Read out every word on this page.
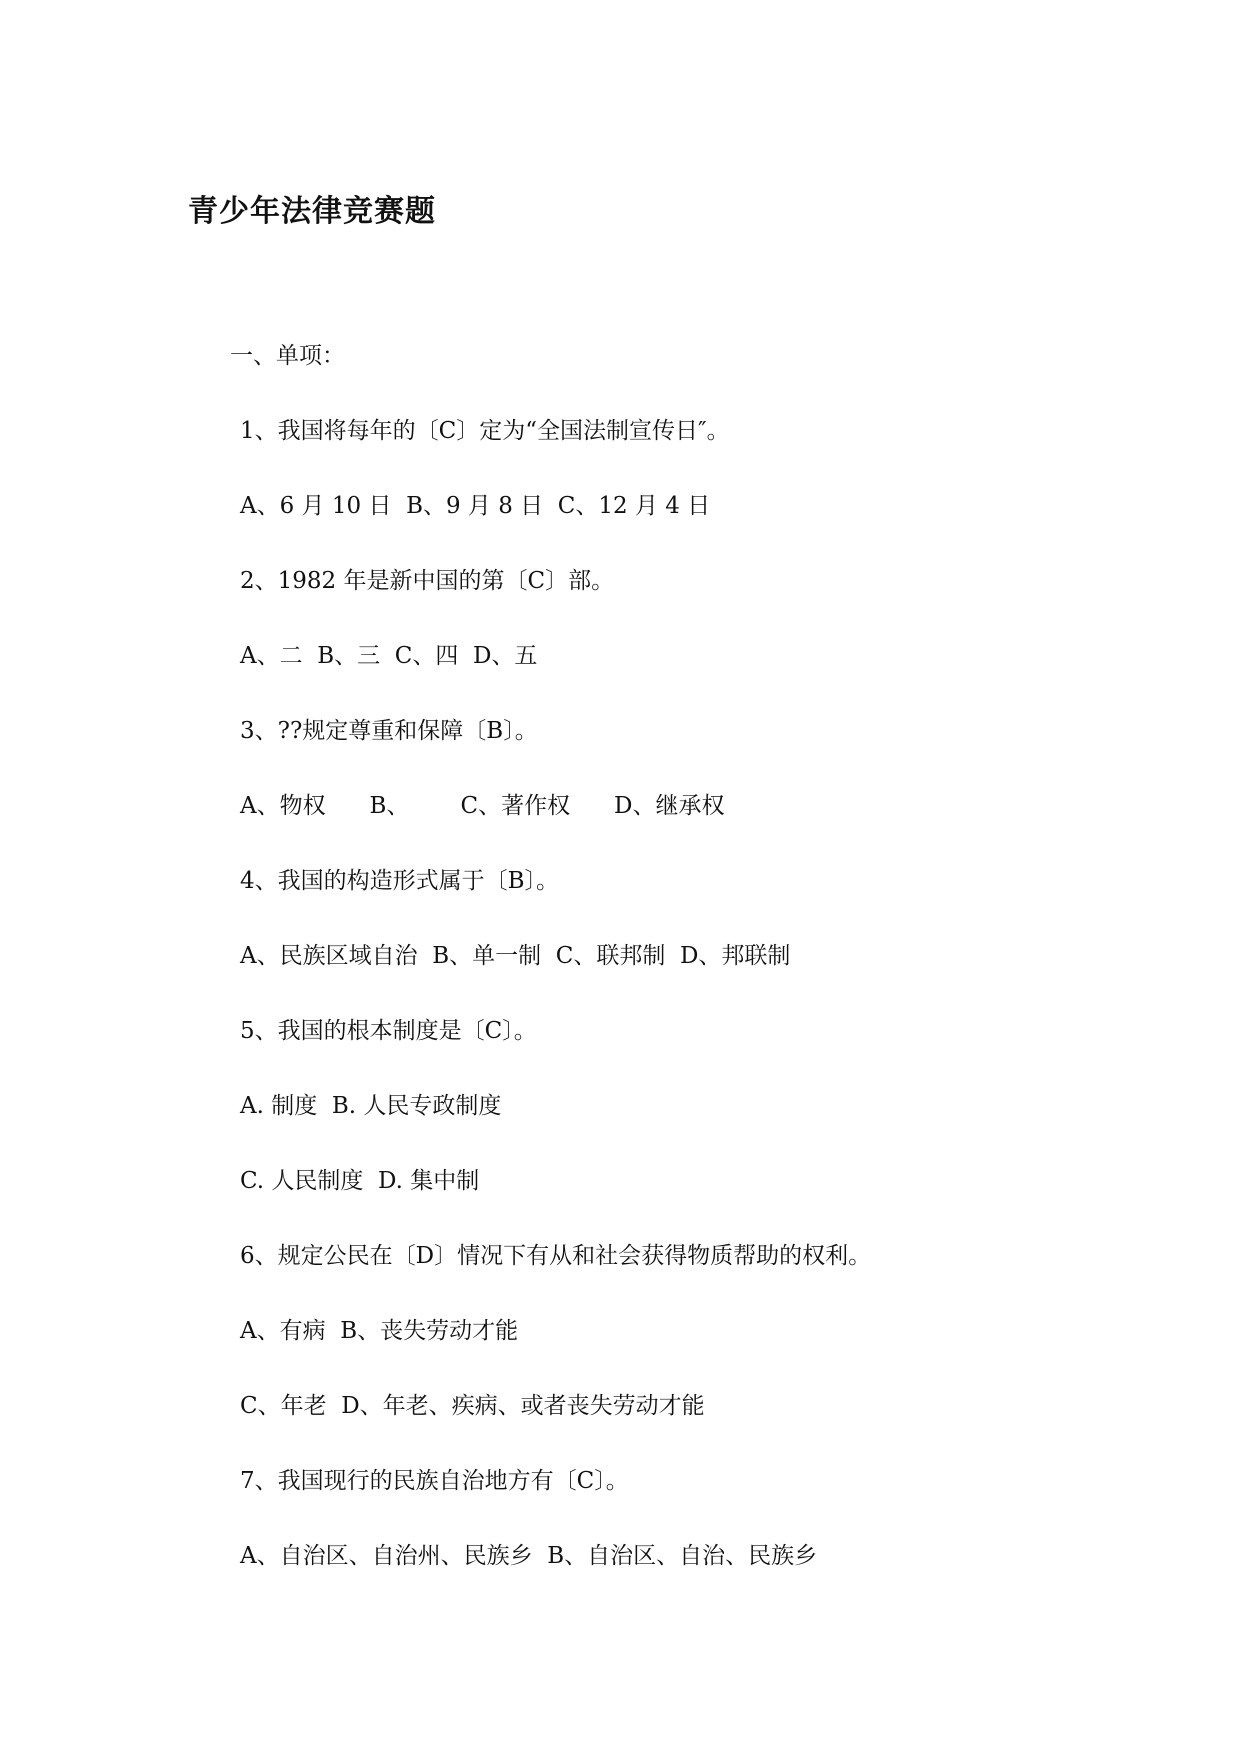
青少年法律竞赛题

一、单项：

1、我国将每年的〔C〕定为“全国法制宣传日″。

A、6 月 10 日  B、9 月 8 日  C、12 月 4 日

2、1982 年是新中国的第〔C〕部。

A、二  B、三  C、四  D、五

3、??规定尊重和保障〔B〕。

A、物权      B、       C、著作权      D、继承权

4、我国的构造形式属于〔B〕。

A、民族区域自治  B、单一制  C、联邦制  D、邦联制

5、我国的根本制度是〔C〕。

A. 制度  B. 人民专政制度

C. 人民制度  D. 集中制

6、规定公民在〔D〕情况下有从和社会获得物质帮助的权利。

A、有病  B、丧失劳动才能

C、年老  D、年老、疾病、或者丧失劳动才能

7、我国现行的民族自治地方有〔C〕。

A、自治区、自治州、民族乡  B、自治区、自治、民族乡
